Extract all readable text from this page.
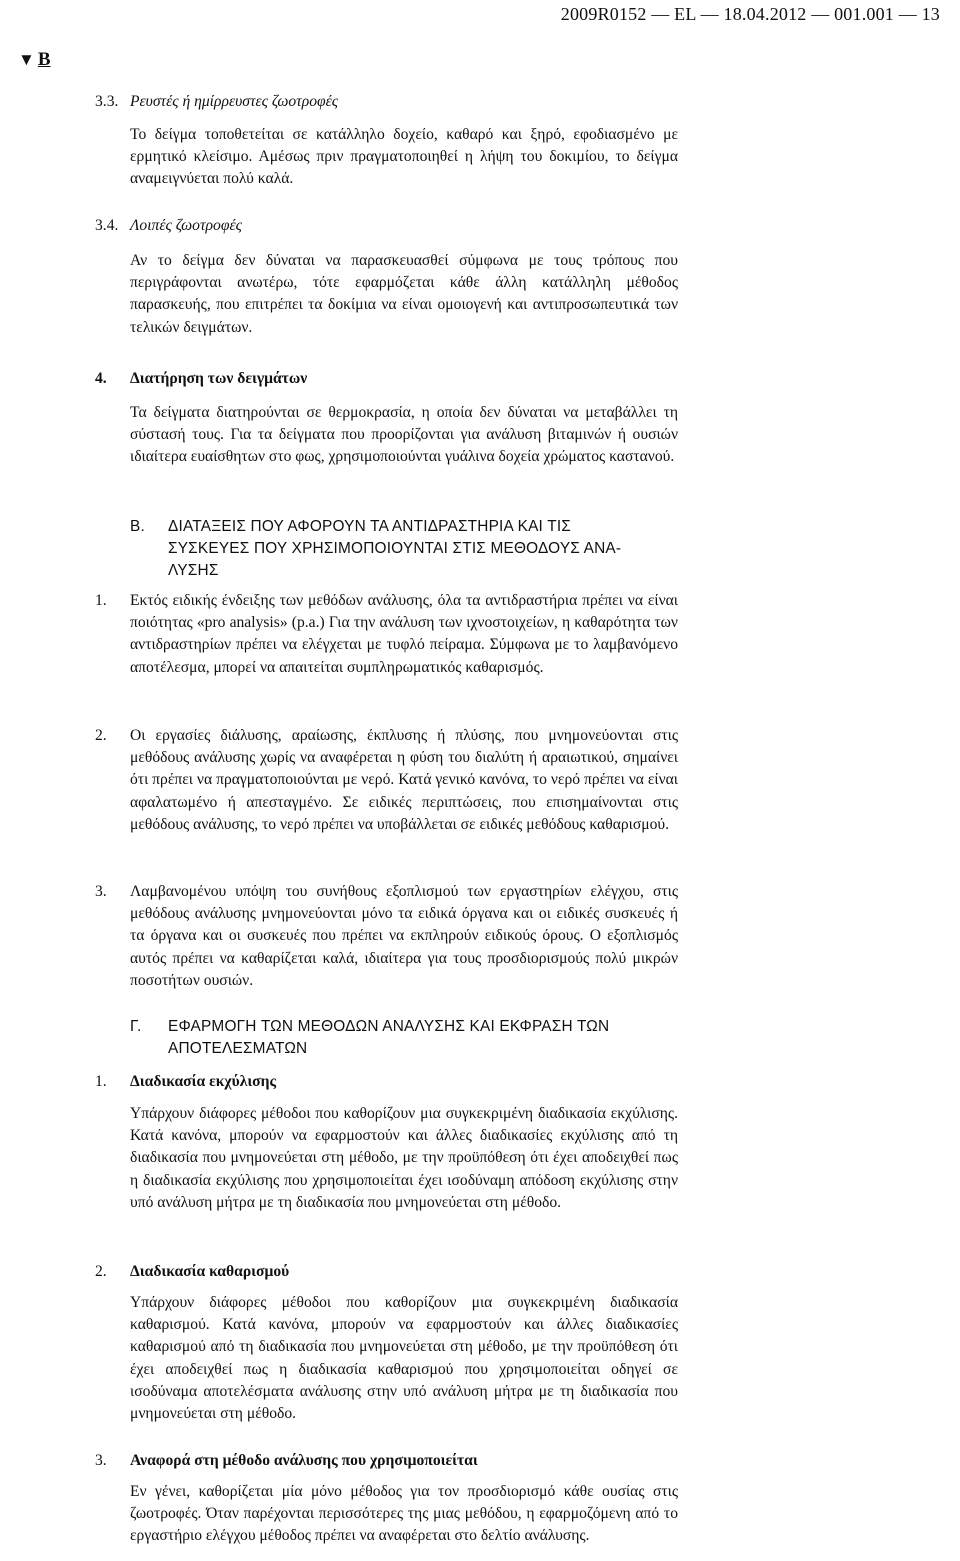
2009R0152 — EL — 18.04.2012 — 001.001 — 13
▼ B
3.3. Ρευστές ή ημίρρευστες ζωοτροφές
Το δείγμα τοποθετείται σε κατάλληλο δοχείο, καθαρό και ξηρό, εφοδιασμένο με ερμητικό κλείσιμο. Αμέσως πριν πραγματοποιηθεί η λήψη του δοκιμίου, το δείγμα αναμειγνύεται πολύ καλά.
3.4. Λοιπές ζωοτροφές
Αν το δείγμα δεν δύναται να παρασκευασθεί σύμφωνα με τους τρόπους που περιγράφονται ανωτέρω, τότε εφαρμόζεται κάθε άλλη κατάλληλη μέθοδος παρασκευής, που επιτρέπει τα δοκίμια να είναι ομοιογενή και αντιπροσωπευτικά των τελικών δειγμάτων.
4. Διατήρηση των δειγμάτων
Τα δείγματα διατηρούνται σε θερμοκρασία, η οποία δεν δύναται να μεταβάλλει τη σύστασή τους. Για τα δείγματα που προορίζονται για ανάλυση βιταμινών ή ουσιών ιδιαίτερα ευαίσθητων στο φως, χρησιμοποιούνται γυάλινα δοχεία χρώματος καστανού.
B. ΔΙΑΤΑΞΕΙΣ ΠΟΥ ΑΦΟΡΟΥΝ ΤΑ ΑΝΤΙΔΡΑΣΤΗΡΙΑ ΚΑΙ ΤΙΣ
ΣΥΣΚΕΥΕΣ ΠΟΥ ΧΡΗΣΙΜΟΠΟΙΟΥΝΤΑΙ ΣΤΙΣ ΜΕΘΟΔΟΥΣ ΑΝΑ-
ΛΥΣΗΣ
1. Εκτός ειδικής ένδειξης των μεθόδων ανάλυσης, όλα τα αντιδραστήρια πρέπει να είναι ποιότητας «pro analysis» (p.a.) Για την ανάλυση των ιχνοστοιχείων, η καθαρότητα των αντιδραστηρίων πρέπει να ελέγχεται με τυφλό πείραμα. Σύμφωνα με το λαμβανόμενο αποτέλεσμα, μπορεί να απαιτείται συμπληρωματικός καθαρισμός.
2. Οι εργασίες διάλυσης, αραίωσης, έκπλυσης ή πλύσης, που μνημονεύονται στις μεθόδους ανάλυσης χωρίς να αναφέρεται η φύση του διαλύτη ή αραιωτικού, σημαίνει ότι πρέπει να πραγματοποιούνται με νερό. Κατά γενικό κανόνα, το νερό πρέπει να είναι αφαλατωμένο ή απεσταγμένο. Σε ειδικές περιπτώσεις, που επισημαίνονται στις μεθόδους ανάλυσης, το νερό πρέπει να υποβάλλεται σε ειδικές μεθόδους καθαρισμού.
3. Λαμβανομένου υπόψη του συνήθους εξοπλισμού των εργαστηρίων ελέγχου, στις μεθόδους ανάλυσης μνημονεύονται μόνο τα ειδικά όργανα και οι ειδικές συσκευές ή τα όργανα και οι συσκευές που πρέπει να εκπληρούν ειδικούς όρους. Ο εξοπλισμός αυτός πρέπει να καθαρίζεται καλά, ιδιαίτερα για τους προσδιορισμούς πολύ μικρών ποσοτήτων ουσιών.
Γ. ΕΦΑΡΜΟΓΗ ΤΩΝ ΜΕΘΟΔΩΝ ΑΝΑΛΥΣΗΣ ΚΑΙ ΕΚΦΡΑΣΗ ΤΩΝ
ΑΠΟΤΕΛΕΣΜΑΤΩΝ
1. Διαδικασία εκχύλισης
Υπάρχουν διάφορες μέθοδοι που καθορίζουν μια συγκεκριμένη διαδικασία εκχύλισης. Κατά κανόνα, μπορούν να εφαρμοστούν και άλλες διαδικασίες εκχύλισης από τη διαδικασία που μνημονεύεται στη μέθοδο, με την προϋπόθεση ότι έχει αποδειχθεί πως η διαδικασία εκχύλισης που χρησιμοποιείται έχει ισοδύναμη απόδοση εκχύλισης στην υπό ανάλυση μήτρα με τη διαδικασία που μνημονεύεται στη μέθοδο.
2. Διαδικασία καθαρισμού
Υπάρχουν διάφορες μέθοδοι που καθορίζουν μια συγκεκριμένη διαδικασία καθαρισμού. Κατά κανόνα, μπορούν να εφαρμοστούν και άλλες διαδικασίες καθαρισμού από τη διαδικασία που μνημονεύεται στη μέθοδο, με την προϋπόθεση ότι έχει αποδειχθεί πως η διαδικασία καθαρισμού που χρησιμοποιείται οδηγεί σε ισοδύναμα αποτελέσματα ανάλυσης στην υπό ανάλυση μήτρα με τη διαδικασία που μνημονεύεται στη μέθοδο.
3. Αναφορά στη μέθοδο ανάλυσης που χρησιμοποιείται
Εν γένει, καθορίζεται μία μόνο μέθοδος για τον προσδιορισμό κάθε ουσίας στις ζωοτροφές. Όταν παρέχονται περισσότερες της μιας μεθόδου, η εφαρμοζόμενη από το εργαστήριο ελέγχου μέθοδος πρέπει να αναφέρεται στο δελτίο ανάλυσης.
